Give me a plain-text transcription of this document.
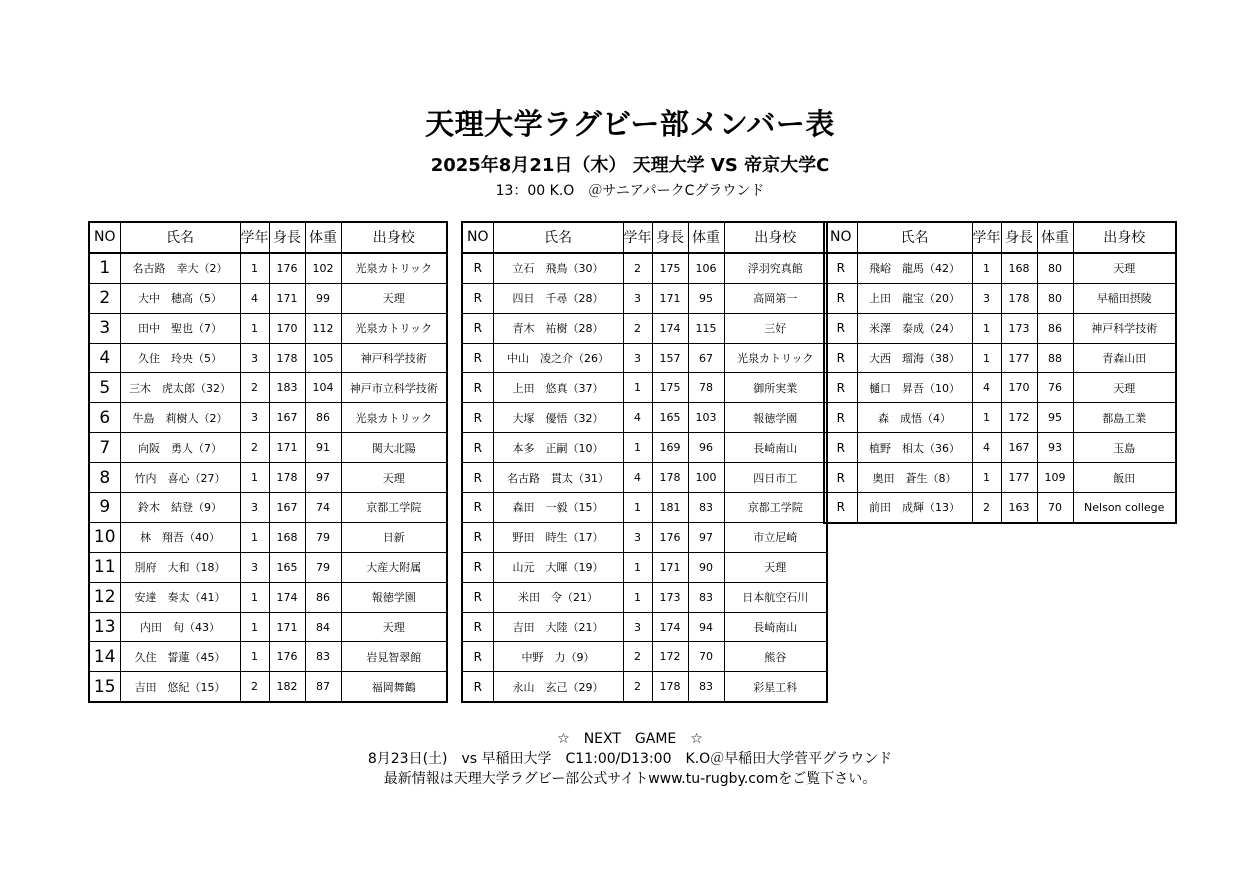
天理大学ラグビー部メンバー表
2025年8月21日（木） 天理大学 VS 帝京大学C
13：00 K.O　＠サニアパークCグラウンド
NO	氏名	学年	身長	体重	出身校
1	名古路　幸大（2）	1	176	102	光泉カトリック
2	大中　穂高（5）	4	171	99	天理
3	田中　聖也（7）	1	170	112	光泉カトリック
4	久住　玲央（5）	3	178	105	神戸科学技術
5	三木　虎太郎（32）	2	183	104	神戸市立科学技術
6	牛島　莉樹人（2）	3	167	86	光泉カトリック
7	向阪　勇人（7）	2	171	91	関大北陽
8	竹内　喜心（27）	1	178	97	天理
9	鈴木　結登（9）	3	167	74	京都工学院
10	林　翔吾（40）	1	168	79	日新
11	別府　大和（18）	3	165	79	大産大附属
12	安達　奏太（41）	1	174	86	報徳学園
13	内田　旬（43）	1	171	84	天理
14	久住　誓蓮（45）	1	176	83	岩見智翠館
15	吉田　悠紀（15）	2	182	87	福岡舞鶴
NO	氏名	学年	身長	体重	出身校
R	立石　飛鳥（30）	2	175	106	浮羽究真館
R	四日　千尋（28）	3	171	95	高岡第一
R	青木　祐樹（28）	2	174	115	三好
R	中山　凌之介（26）	3	157	67	光泉カトリック
R	上田　悠真（37）	1	175	78	御所実業
R	大塚　優悟（32）	4	165	103	報徳学園
R	本多　正嗣（10）	1	169	96	長崎南山
R	名古路　貫太（31）	4	178	100	四日市工
R	森田　一毅（15）	1	181	83	京都工学院
R	野田　時生（17）	3	176	97	市立尼崎
R	山元　大暉（19）	1	171	90	天理
R	米田　令（21）	1	173	83	日本航空石川
R	吉田　大陸（21）	3	174	94	長崎南山
R	中野　力（9）	2	172	70	熊谷
R	永山　玄己（29）	2	178	83	彩星工科
NO	氏名	学年	身長	体重	出身校
R	飛峪　龍馬（42）	1	168	80	天理
R	上田　龍宝（20）	3	178	80	早稲田摂陵
R	米澤　泰成（24）	1	173	86	神戸科学技術
R	大西　瑠海（38）	1	177	88	青森山田
R	樋口　昇吾（10）	4	170	76	天理
R	森　成悟（4）	1	172	95	都島工業
R	植野　相太（36）	4	167	93	玉島
R	奥田　蒼生（8）	1	177	109	飯田
R	前田　成輝（13）	2	163	70	Nelson college
☆　NEXT　GAME　☆
8月23日(土)　vs 早稲田大学　C11:00/D13:00　K.O＠早稲田大学菅平グラウンド
最新情報は天理大学ラグビー部公式サイトwww.tu-rugby.comをご覧下さい。
